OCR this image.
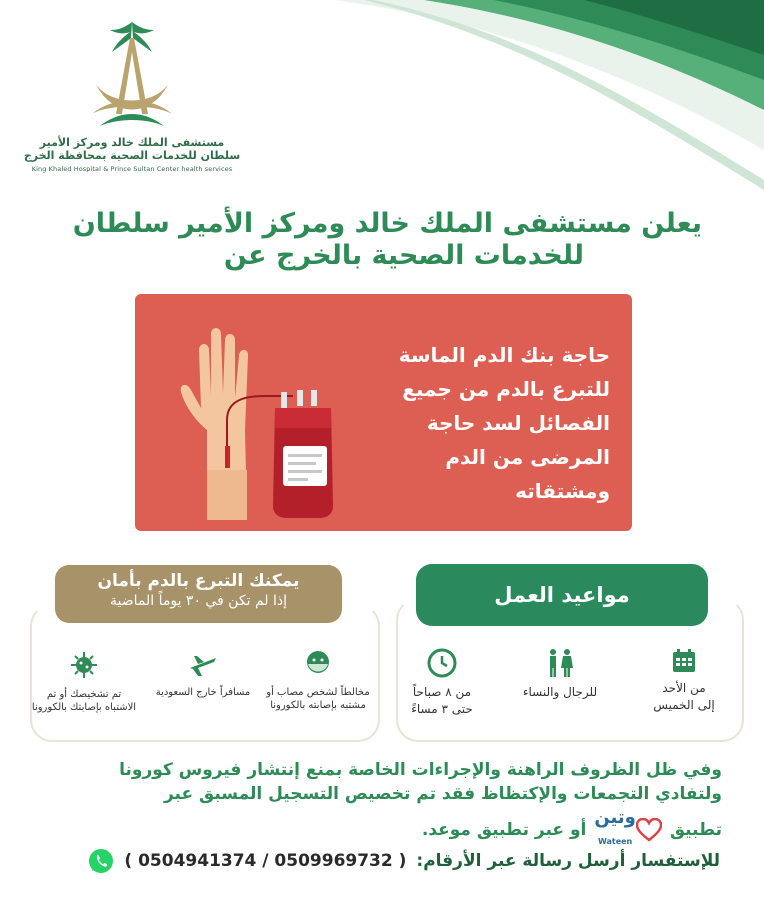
مستشفى الملك خالد ومركز الأمير
سلطان للخدمات الصحية بمحافظة الخرج
King Khaled Hospital & Prince Sultan Center health services
يعلن مستشفى الملك خالد ومركز الأمير سلطان
للخدمات الصحية بالخرج عن
حاجة بنك الدم الماسة
للتبرع بالدم من جميع
الفصائل لسد حاجة
المرضى من الدم
ومشتقاته
مواعيد العمل
من الأحد
إلى الخميس
للرجال والنساء
من ٨ صباحاً
حتى ٣ مساءً
يمكنك التبرع بالدم بأمان
إذا لم تكن في ٣٠ يوماً الماضية
مخالطاً لشخص مصاب أو
مشتبه بإصابته بالكورونا
مسافراً خارج السعودية
تم تشخيصك أو تم
الاشتباه بإصابتك بالكورونا
وفي ظل الظروف الراهنة والإجراءات الخاصة بمنع إنتشار فيروس كورونا
ولتفادي التجمعات والإكتظاظ فقد تم تخصيص التسجيل المسبق عبر
تطبيق
وتين
Wateen
أو عبر تطبيق موعد.
للإستفسار أرسل رسالة عبر الأرقام:
( 0504941374 / 0509969732 )
